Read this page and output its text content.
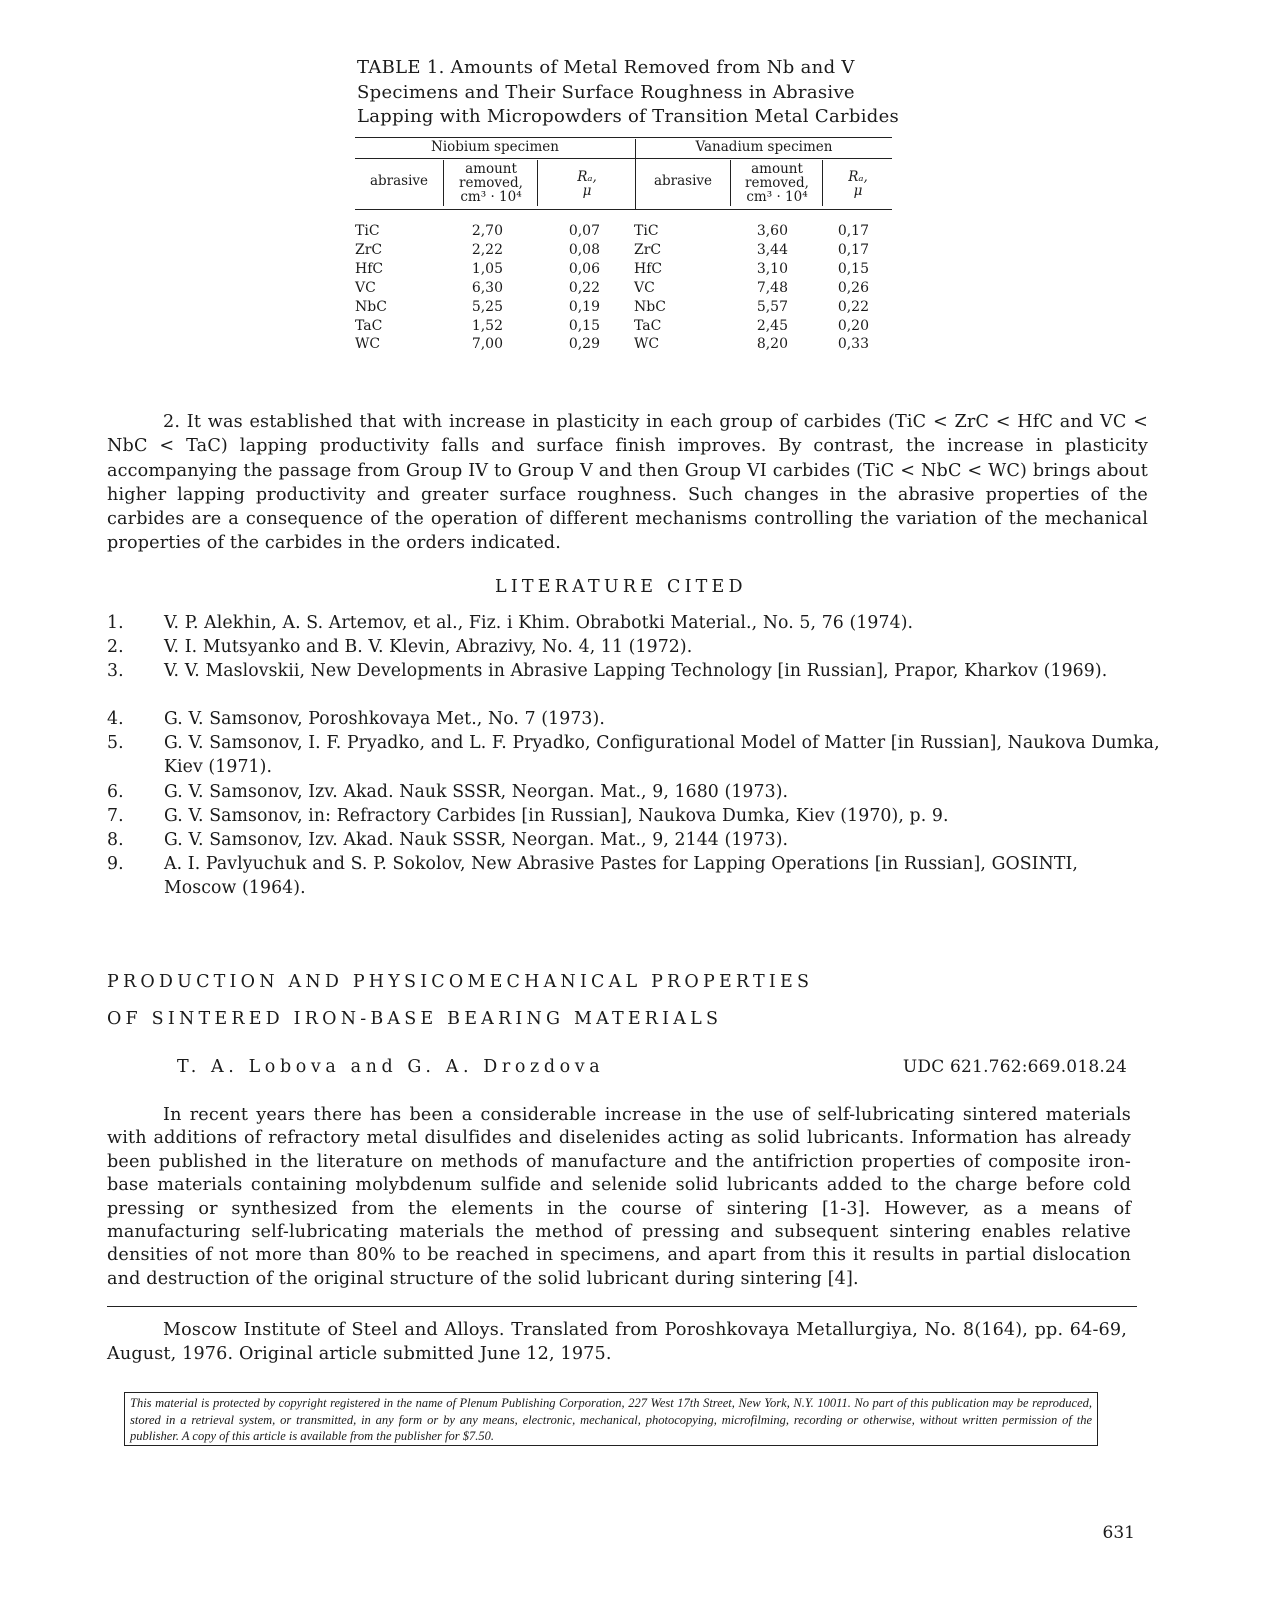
TABLE 1. Amounts of Metal Removed from Nb and V
Specimens and Their Surface Roughness in Abrasive
Lapping with Micropowders of Transition Metal Carbides
Niobium specimen	Vanadium specimen
abrasive
amount
removed,
cm³ · 10⁴
Rₐ,
μ
abrasive
amount
removed,
cm³ · 10⁴
Rₐ,
μ
TiC	2,70	0,07 TiC	3,60	0,17
ZrC	2,22	0,08 ZrC	3,44	0,17
HfC	1,05	0,06 HfC	3,10	0,15
VC	6,30	0,22 VC	7,48	0,26
NbC	5,25	0,19 NbC	5,57	0,22
TaC	1,52	0,15 TaC	2,45	0,20
WC	7,00	0,29 WC	8,20	0,33
2. It was established that with increase in plasticity in each group of carbides (TiC < ZrC < HfC and VC < NbC < TaC) lapping productivity falls and surface finish improves. By contrast, the increase in plasticity accompanying the passage from Group IV to Group V and then Group VI carbides (TiC < NbC < WC) brings about higher lapping productivity and greater surface roughness. Such changes in the abrasive properties of the carbides are a consequence of the operation of different mechanisms controlling the variation of the mechanical properties of the carbides in the orders indicated.
LITERATURE CITED
1.	V. P. Alekhin, A. S. Artemov, et al., Fiz. i Khim. Obrabotki Material., No. 5, 76 (1974).
2.	V. I. Mutsyanko and B. V. Klevin, Abrazivy, No. 4, 11 (1972).
3.	V. V. Maslovskii, New Developments in Abrasive Lapping Technology [in Russian], Prapor, Kharkov (1969).
4.	G. V. Samsonov, Poroshkovaya Met., No. 7 (1973).
5.	G. V. Samsonov, I. F. Pryadko, and L. F. Pryadko, Configurational Model of Matter [in Russian], Naukova Dumka, Kiev (1971).
6.	G. V. Samsonov, Izv. Akad. Nauk SSSR, Neorgan. Mat., 9, 1680 (1973).
7.	G. V. Samsonov, in: Refractory Carbides [in Russian], Naukova Dumka, Kiev (1970), p. 9.
8.	G. V. Samsonov, Izv. Akad. Nauk SSSR, Neorgan. Mat., 9, 2144 (1973).
9.	A. I. Pavlyuchuk and S. P. Sokolov, New Abrasive Pastes for Lapping Operations [in Russian], GOSINTI, Moscow (1964).
PRODUCTION AND PHYSICOMECHANICAL PROPERTIES
OF SINTERED IRON-BASE BEARING MATERIALS
T. A. Lobova and G. A. Drozdova	UDC 621.762:669.018.24
In recent years there has been a considerable increase in the use of self-lubricating sintered materials with additions of refractory metal disulfides and diselenides acting as solid lubricants. Information has already been published in the literature on methods of manufacture and the antifriction properties of composite iron-base materials containing molybdenum sulfide and selenide solid lubricants added to the charge before cold pressing or synthesized from the elements in the course of sintering [1-3]. However, as a means of manufacturing self-lubricating materials the method of pressing and subsequent sintering enables relative densities of not more than 80% to be reached in specimens, and apart from this it results in partial dislocation and destruction of the original structure of the solid lubricant during sintering [4].
Moscow Institute of Steel and Alloys. Translated from Poroshkovaya Metallurgiya, No. 8(164), pp. 64-69, August, 1976. Original article submitted June 12, 1975.
This material is protected by copyright registered in the name of Plenum Publishing Corporation, 227 West 17th Street, New York, N.Y. 10011. No part of this publication may be reproduced, stored in a retrieval system, or transmitted, in any form or by any means, electronic, mechanical, photocopying, microfilming, recording or otherwise, without written permission of the publisher. A copy of this article is available from the publisher for $7.50.
631
